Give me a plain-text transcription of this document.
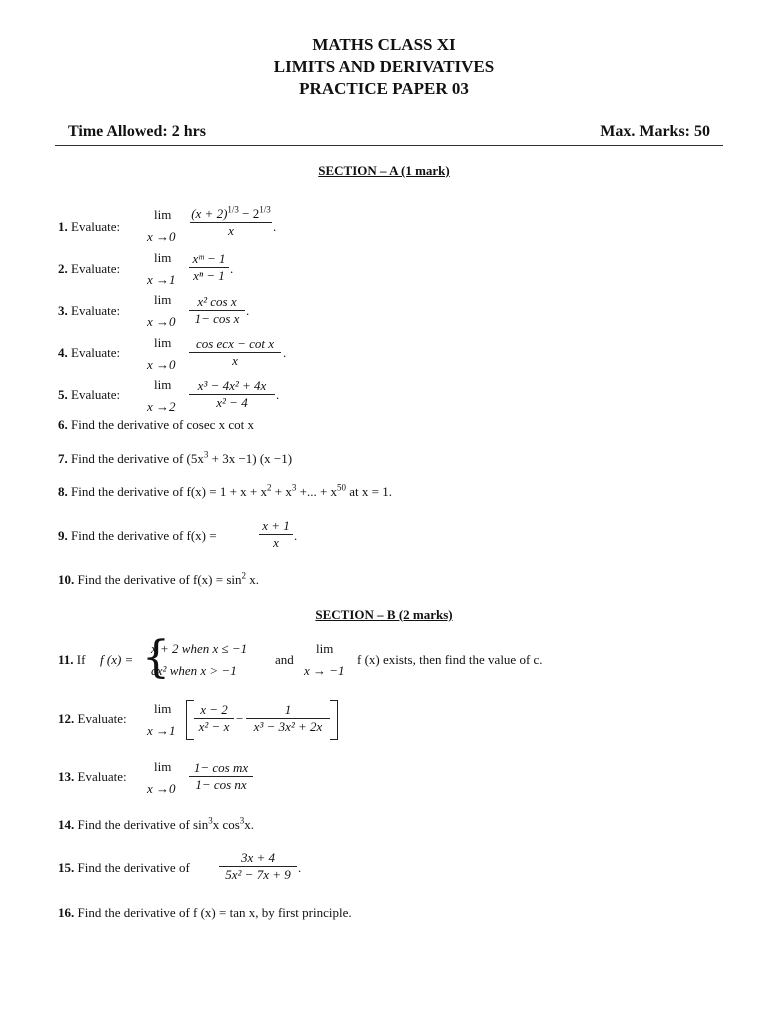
MATHS CLASS XI
LIMITS AND DERIVATIVES
PRACTICE PAPER 03
Time Allowed: 2 hrs	Max. Marks: 50
SECTION – A (1 mark)
1. Evaluate:
lim
$x \to 0 \frac{(x + 2)^{1/3} - 2^{1/3}}{x}$ .
2. Evaluate:
lim
$x \to 1 \frac{\text{xᵐ − 1}}{\text{xⁿ − 1}}$ .
3. Evaluate:
lim
$x \to 0 \frac{\text{x² cos x}}{\text{1− cos x}}$ .
4. Evaluate:
lim
x →0
cos ecx − cot x
x
.
5. Evaluate:
lim
$x \to 2 \frac{\text{x³ − 4x² + 4x}}{\text{x² − 4}}$ .
6. Find the derivative of cosec x cot x
7. Find the derivative of $(5x^3 + 3x -1)$ (x −1)
8. Find the derivative of $f(x) = 1 + x + x^2 + x^3$ +... + $x^{50}$ at x = 1.
9. Find the derivative of f(x) =	$\frac{x + 1}{x}$ .
10. Find the derivative of $f(x) = \sin^2 x$.
SECTION – B (2 marks)
11. If f (x) = {
x + 2 when x ≤ −1
cx² when x > −1
and
lim
x → −1
f (x) exists, then find the value of c.
12. Evaluate:
lim
$x \to 1 \frac{x - 2}{\text{x² − x}} - \frac{1}{\text{x³ − 3x² + 2x}}$
13. Evaluate:
lim
$x \to 0 \frac{\text{1− cos mx}}{\text{1− cos nx}}$
14. Find the derivative of $\sin^3x$ $\cos^3x$.
15. Find the derivative of $\frac{3x + 4}{\text{5x² − 7x + 9}}$ .
16. Find the derivative of f (x) = tan x, by first principle.
